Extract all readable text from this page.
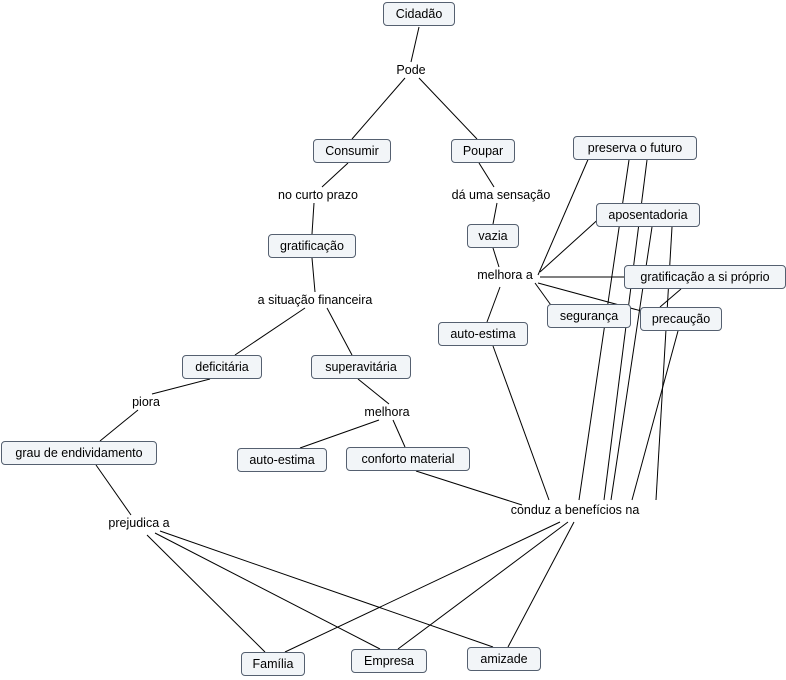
Cidadão
Consumir	Poupar	preserva o futuro
aposentadoria
gratificação
vazia
gratificação a si próprio
segurança	precaução
auto-estima
deficitária	superavitária
grau de endividamento	auto-estima	conforto material
Família	Empresa	amizade
Pode
no curto prazo	dá uma sensação
melhora a
a situação financeira
piora
melhora
conduz a benefícios na
prejudica a
